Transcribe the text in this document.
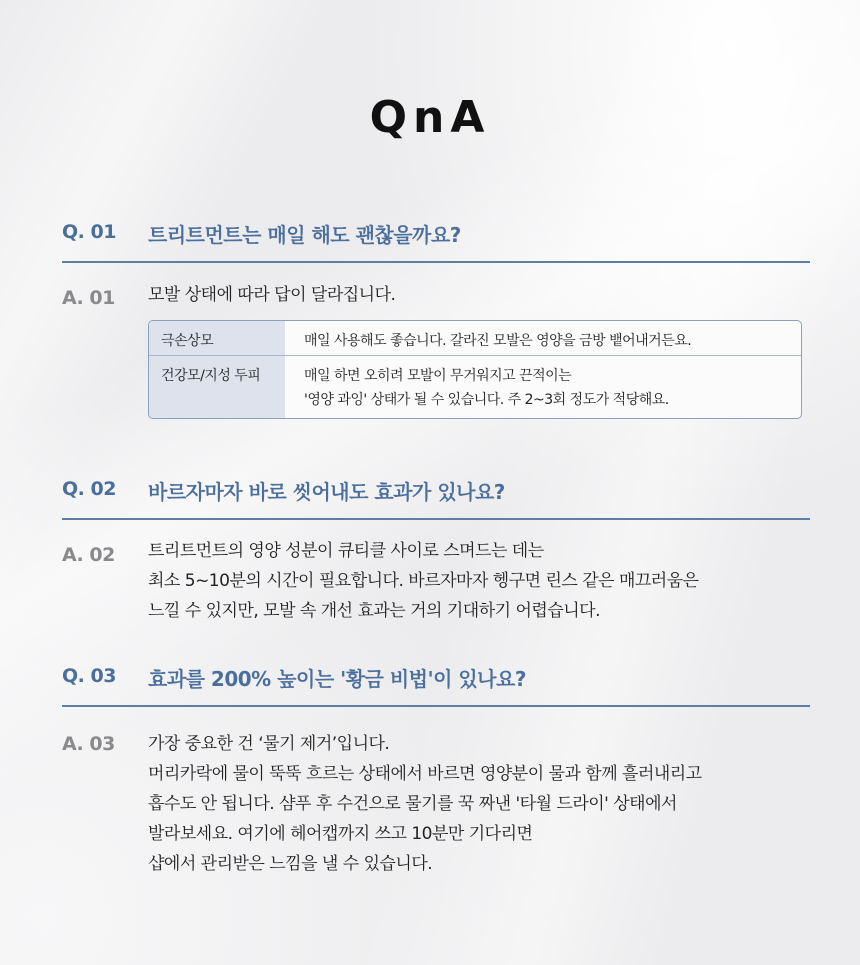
QnA
Q. 01 트리트먼트는 매일 해도 괜찮을까요?
A. 01 모발 상태에 따라 답이 달라집니다.
극손상모	매일 사용해도 좋습니다. 갈라진 모발은 영양을 금방 뱉어내거든요.
건강모/지성 두피	매일 하면 오히려 모발이 무거워지고 끈적이는
'영양 과잉' 상태가 될 수 있습니다. 주 2~3회 정도가 적당해요.
Q. 02 바르자마자 바로 씻어내도 효과가 있나요?
A. 02 트리트먼트의 영양 성분이 큐티클 사이로 스며드는 데는
최소 5~10분의 시간이 필요합니다. 바르자마자 헹구면 린스 같은 매끄러움은
느낄 수 있지만, 모발 속 개선 효과는 거의 기대하기 어렵습니다.
Q. 03 효과를 200% 높이는 '황금 비법'이 있나요?
A. 03 가장 중요한 건 ‘물기 제거’입니다.
머리카락에 물이 뚝뚝 흐르는 상태에서 바르면 영양분이 물과 함께 흘러내리고
흡수도 안 됩니다. 샴푸 후 수건으로 물기를 꾹 짜낸 '타월 드라이' 상태에서
발라보세요. 여기에 헤어캡까지 쓰고 10분만 기다리면
샵에서 관리받은 느낌을 낼 수 있습니다.
